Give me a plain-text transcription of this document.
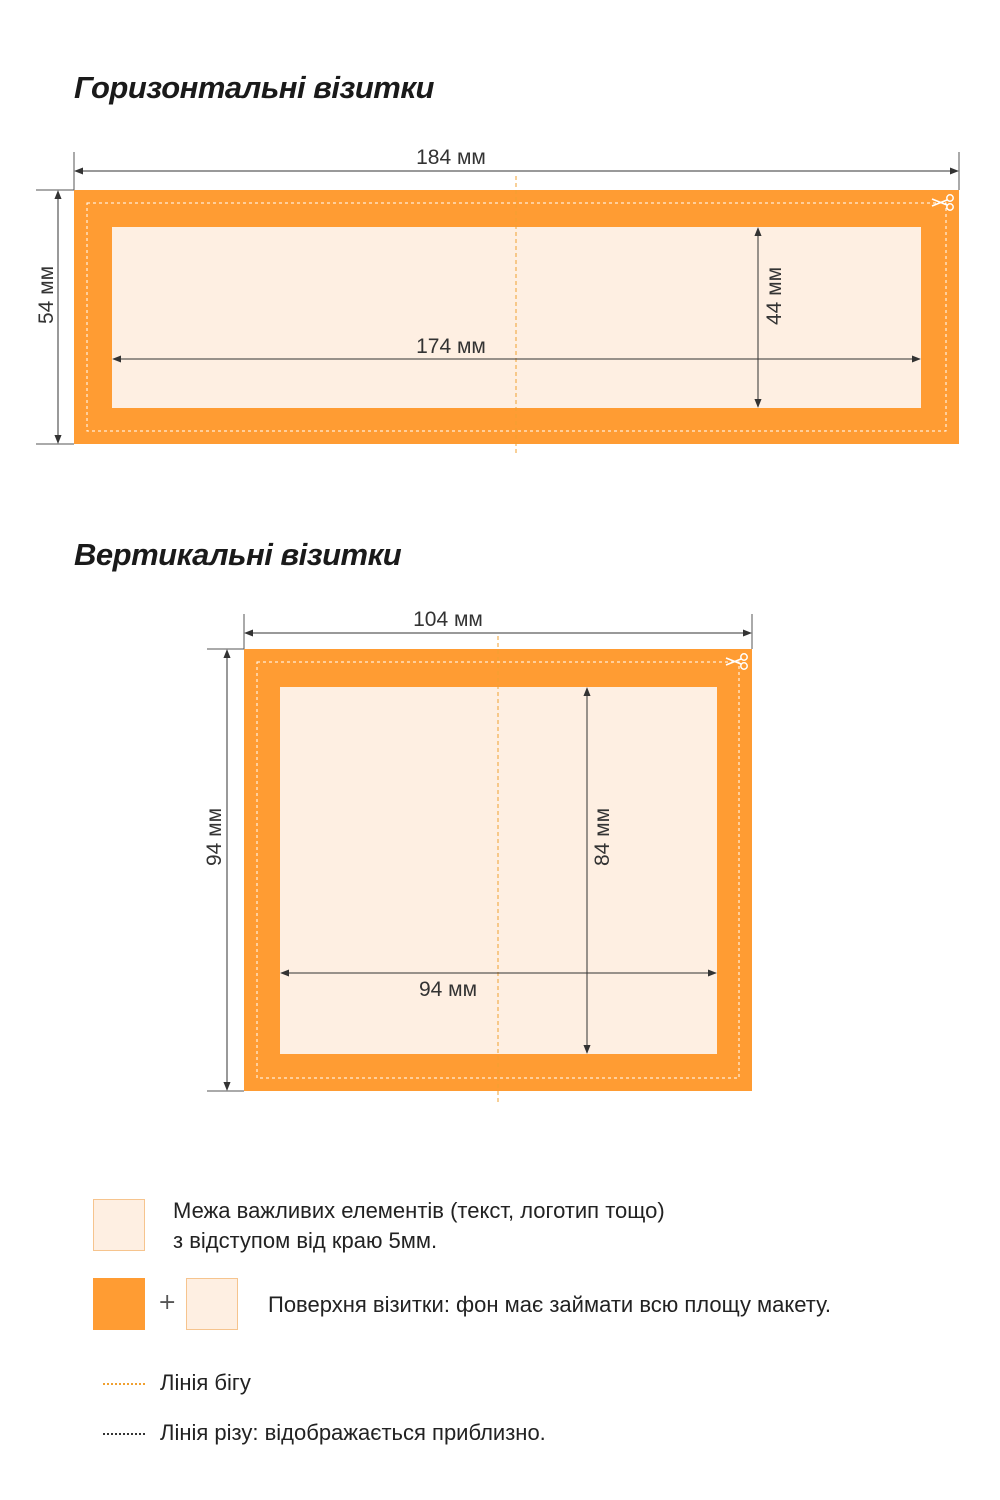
Горизонтальні візитки
Вертикальні візитки
184 мм
54 мм
174 мм
44 мм
104 мм
94 мм
94 мм
84 мм
Межа важливих елементів (текст, логотип тощо)
з відступом від краю 5мм.
+	Поверхня візитки: фон має займати всю площу макету.
Лінія бігу
Лінія різу: відображається приблизно.
